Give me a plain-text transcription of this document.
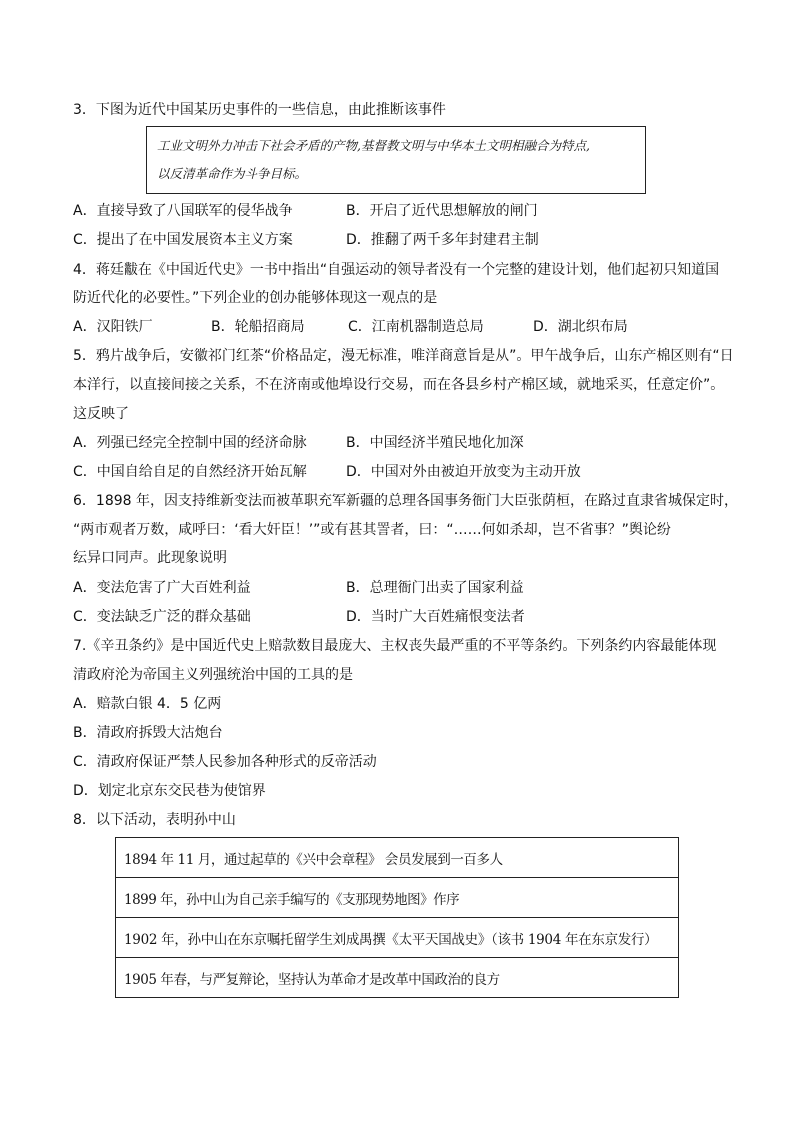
3．下图为近代中国某历史事件的一些信息，由此推断该事件
工业文明外力冲击下社会矛盾的产物,基督教文明与中华本土文明相融合为特点,
以反清革命作为斗争目标。
A．直接导致了八国联军的侵华战争	B．开启了近代思想解放的闸门
C．提出了在中国发展资本主义方案	D．推翻了两千多年封建君主制
4．蒋廷黻在《中国近代史》一书中指出“自强运动的领导者没有一个完整的建设计划，他们起初只知道国
防近代化的必要性。”下列企业的创办能够体现这一观点的是
A．汉阳铁厂	B．轮船招商局	C．江南机器制造总局	D．湖北织布局
5．鸦片战争后，安徽祁门红茶“价格品定，漫无标准，唯洋商意旨是从”。甲午战争后，山东产棉区则有“日
本洋行，以直接间接之关系，不在济南或他埠设行交易，而在各县乡村产棉区域，就地采买，任意定价”。
这反映了
A．列强已经完全控制中国的经济命脉	B．中国经济半殖民地化加深
C．中国自给自足的自然经济开始瓦解	D．中国对外由被迫开放变为主动开放
6．1898 年，因支持维新变法而被革职充军新疆的总理各国事务衙门大臣张荫桓，在路过直隶省城保定时，
“两市观者万数，咸呼曰：‘看大奸臣！’”或有甚其詈者，曰：“……何如杀却，岂不省事？”舆论纷
纭异口同声。此现象说明
A．变法危害了广大百姓利益	B．总理衙门出卖了国家利益
C．变法缺乏广泛的群众基础	D．当时广大百姓痛恨变法者
7.《辛丑条约》是中国近代史上赔款数目最庞大、主权丧失最严重的不平等条约。下列条约内容最能体现
清政府沦为帝国主义列强统治中国的工具的是
A．赔款白银 4．5 亿两
B．清政府拆毁大沽炮台
C．清政府保证严禁人民参加各种形式的反帝活动
D．划定北京东交民巷为使馆界
8．以下活动，表明孙中山
1894 年 11 月，通过起草的《兴中会章程》 会员发展到一百多人
1899 年，孙中山为自己亲手编写的《支那现势地图》作序
1902 年，孙中山在东京嘱托留学生刘成禺撰《太平天国战史》（该书 1904 年在东京发行）
1905 年春，与严复辩论，坚持认为革命才是改革中国政治的良方
